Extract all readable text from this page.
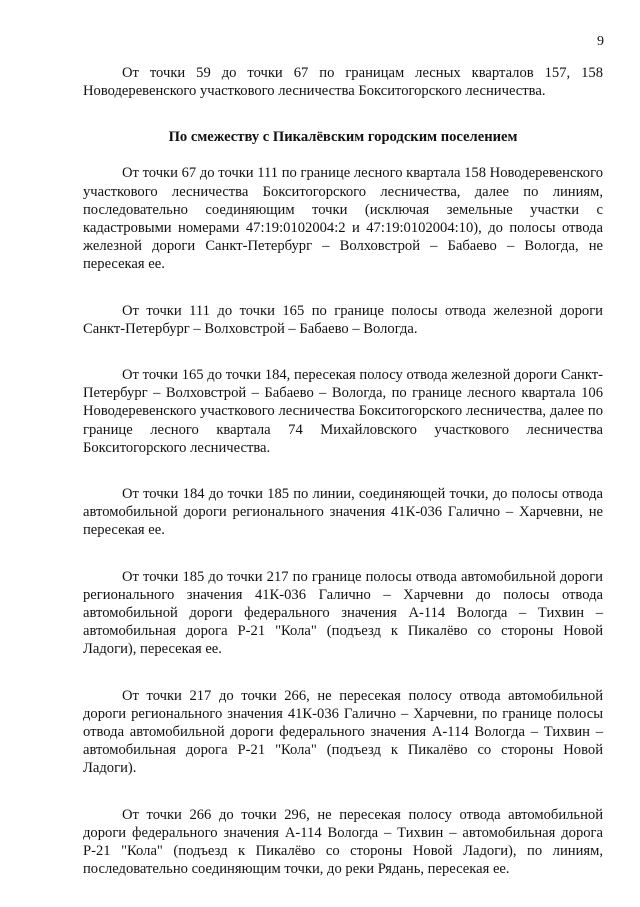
9

От точки 59 до точки 67 по границам лесных кварталов 157, 158 Новодеревенского участкового лесничества Бокситогорского лесничества.

По смежеству с Пикалёвским городским поселением

От точки 67 до точки 111 по границе лесного квартала 158 Новодеревенского участкового лесничества Бокситогорского лесничества, далее по линиям, последовательно соединяющим точки (исключая земельные участки с кадастровыми номерами 47:19:0102004:2 и 47:19:0102004:10), до полосы отвода железной дороги Санкт-Петербург – Волховстрой – Бабаево – Вологда, не пересекая ее.

От точки 111 до точки 165 по границе полосы отвода железной дороги Санкт-Петербург – Волховстрой – Бабаево – Вологда.

От точки 165 до точки 184, пересекая полосу отвода железной дороги Санкт-Петербург – Волховстрой – Бабаево – Вологда, по границе лесного квартала 106 Новодеревенского участкового лесничества Бокситогорского лесничества, далее по границе лесного квартала 74 Михайловского участкового лесничества Бокситогорского лесничества.

От точки 184 до точки 185 по линии, соединяющей точки, до полосы отвода автомобильной дороги регионального значения 41К-036 Галично – Харчевни, не пересекая ее.

От точки 185 до точки 217 по границе полосы отвода автомобильной дороги регионального значения 41К-036 Галично – Харчевни до полосы отвода автомобильной дороги федерального значения А-114 Вологда – Тихвин – автомобильная дорога Р-21 "Кола" (подъезд к Пикалёво со стороны Новой Ладоги), пересекая ее.

От точки 217 до точки 266, не пересекая полосу отвода автомобильной дороги регионального значения 41К-036 Галично – Харчевни, по границе полосы отвода автомобильной дороги федерального значения А-114 Вологда – Тихвин – автомобильная дорога Р-21 "Кола" (подъезд к Пикалёво со стороны Новой Ладоги).

От точки 266 до точки 296, не пересекая полосу отвода автомобильной дороги федерального значения А-114 Вологда – Тихвин – автомобильная дорога Р-21 "Кола" (подъезд к Пикалёво со стороны Новой Ладоги), по линиям, последовательно соединяющим точки, до реки Рядань, пересекая ее.
